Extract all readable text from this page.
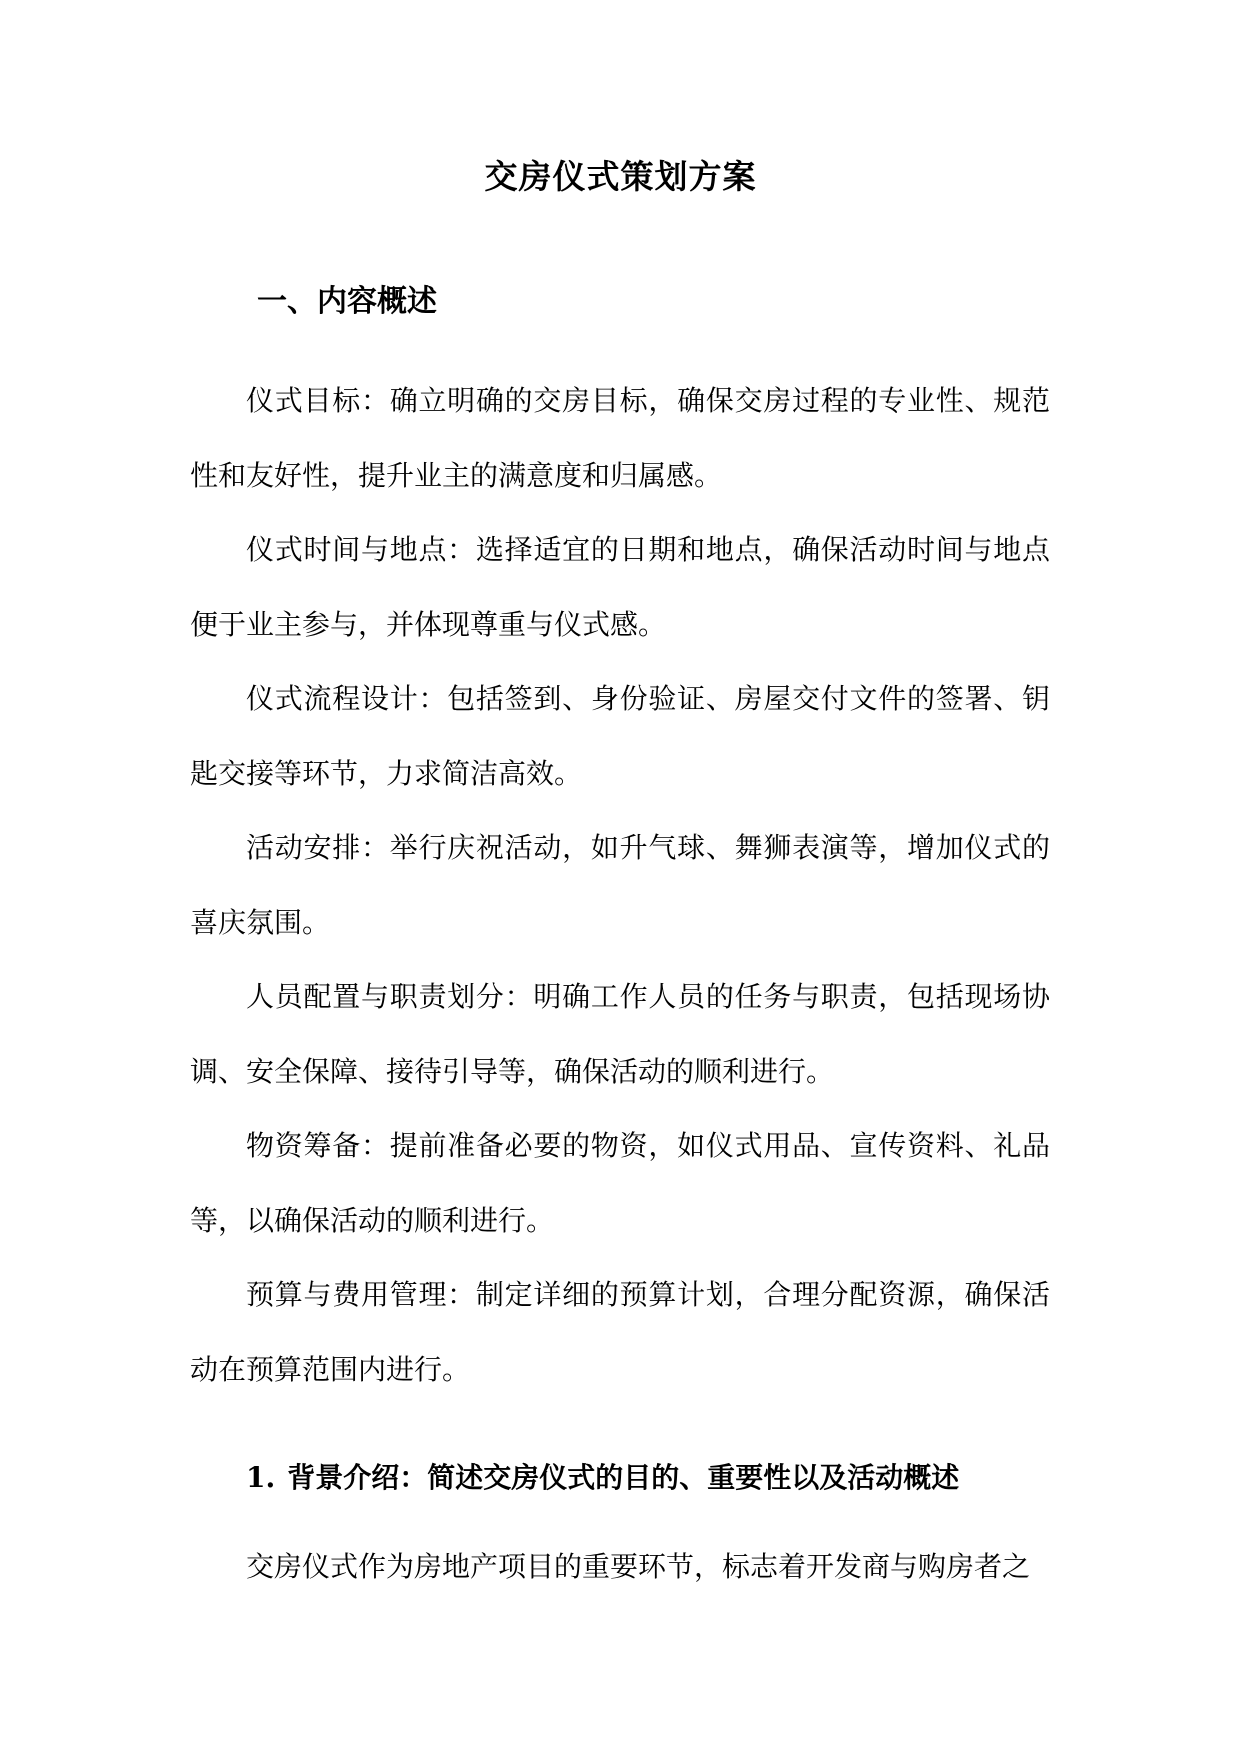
交房仪式策划方案
一、内容概述

仪式目标：确立明确的交房目标，确保交房过程的专业性、规范性和友好性，提升业主的满意度和归属感。

仪式时间与地点：选择适宜的日期和地点，确保活动时间与地点便于业主参与，并体现尊重与仪式感。

仪式流程设计：包括签到、身份验证、房屋交付文件的签署、钥匙交接等环节，力求简洁高效。

活动安排：举行庆祝活动，如升气球、舞狮表演等，增加仪式的喜庆氛围。

人员配置与职责划分：明确工作人员的任务与职责，包括现场协调、安全保障、接待引导等，确保活动的顺利进行。

物资筹备：提前准备必要的物资，如仪式用品、宣传资料、礼品等，以确保活动的顺利进行。

预算与费用管理：制定详细的预算计划，合理分配资源，确保活动在预算范围内进行。

1. 背景介绍：简述交房仪式的目的、重要性以及活动概述

交房仪式作为房地产项目的重要环节，标志着开发商与购房者之
